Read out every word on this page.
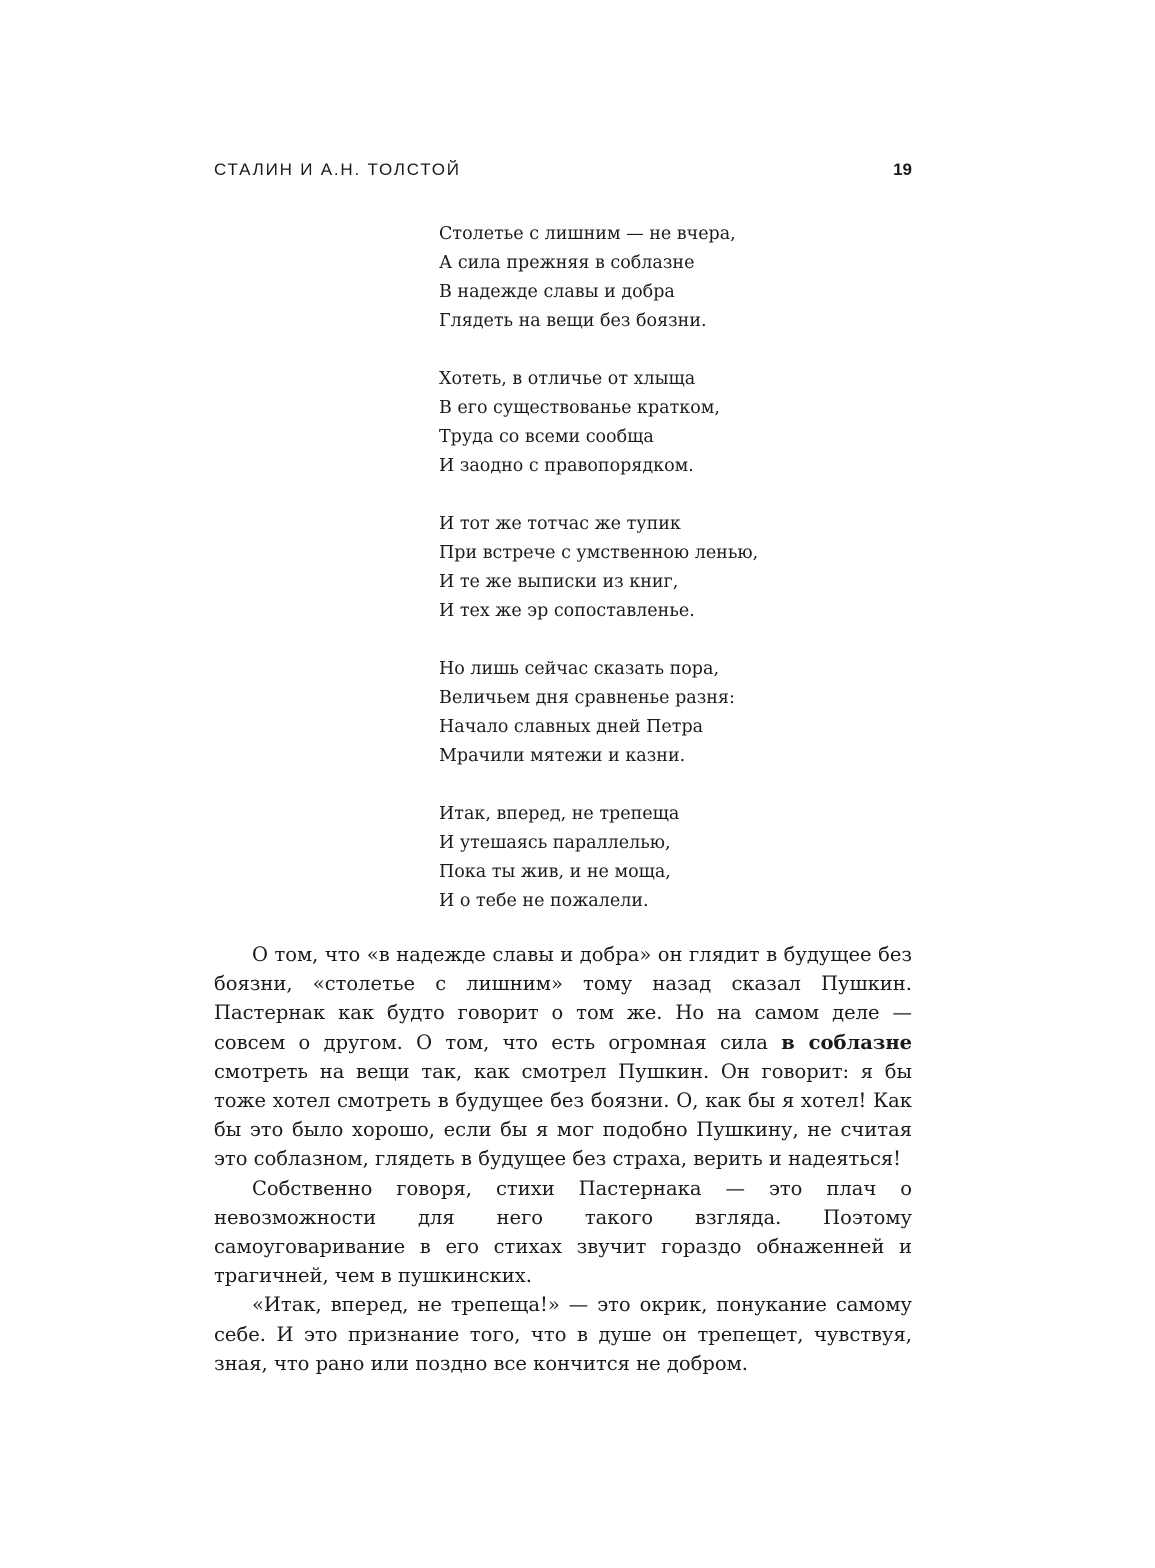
СТАЛИН И А.Н. ТОЛСТОЙ	19
Столетье с лишним — не вчера,
А сила прежняя в соблазне
В надежде славы и добра
Глядеть на вещи без боязни.
Хотеть, в отличье от хлыща
В его существованье кратком,
Труда со всеми сообща
И заодно с правопорядком.
И тот же тотчас же тупик
При встрече с умственною ленью,
И те же выписки из книг,
И тех же эр сопоставленье.
Но лишь сейчас сказать пора,
Величьем дня сравненье разня:
Начало славных дней Петра
Мрачили мятежи и казни.
Итак, вперед, не трепеща
И утешаясь параллелью,
Пока ты жив, и не мощa,
И о тебе не пожалели.

О том, что «в надежде славы и добра» он глядит в будущее без боязни, «столетье с лишним» тому назад сказал Пушкин. Пастернак как будто говорит о том же. Но на самом деле — совсем о другом. О том, что есть огромная сила в соблазне смотреть на вещи так, как смотрел Пушкин. Он говорит: я бы тоже хотел смотреть в будущее без боязни. О, как бы я хотел! Как бы это было хорошо, если бы я мог подобно Пушкину, не считая это соблазном, глядеть в будущее без страха, верить и надеяться!

Собственно говоря, стихи Пастернака — это плач о невозможности для него такого взгляда. Поэтому самоуговаривание в его стихах звучит гораздо обнаженней и трагичней, чем в пушкинских.

«Итак, вперед, не трепеща!» — это окрик, понукание самому себе. И это признание того, что в душе он трепещет, чувствуя, зная, что рано или поздно все кончится не добром.
